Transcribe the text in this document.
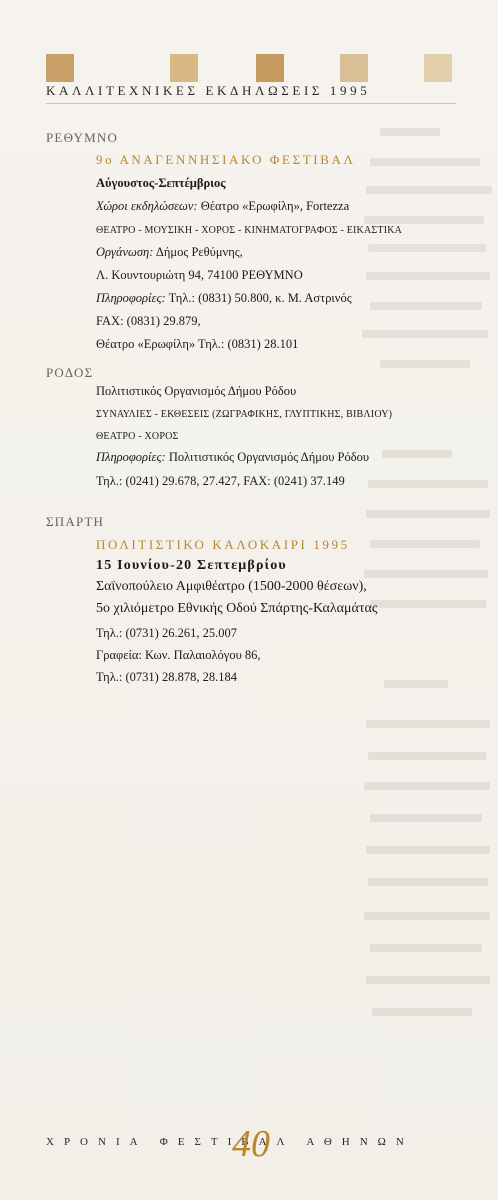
ΚΑΛΛΙΤΕΧΝΙΚΕΣ ΕΚΔΗΛΩΣΕΙΣ 1995
ΡΕΘΥΜΝΟ
9ο ΑΝΑΓΕΝΝΗΣΙΑΚΟ ΦΕΣΤΙΒΑΛ
Αύγουστος-Σεπτέμβριος
Χώροι εκδηλώσεων: Θέατρο «Ερωφίλη», Fortezza
ΘΕΑΤΡΟ - ΜΟΥΣΙΚΗ - ΧΟΡΟΣ - ΚΙΝΗΜΑΤΟΓΡΑΦΟΣ - ΕΙΚΑΣΤΙΚΑ
Οργάνωση: Δήμος Ρεθύμνης,
Λ. Κουντουριώτη 94, 74100 ΡΕΘΥΜΝΟ
Πληροφορίες: Τηλ.: (0831) 50.800, κ. Μ. Αστρινός
FAX: (0831) 29.879,
Θέατρο «Ερωφίλη» Τηλ.: (0831) 28.101
ΡΟΔΟΣ
Πολιτιστικός Οργανισμός Δήμου Ρόδου
ΣΥΝΑΥΛΙΕΣ - ΕΚΘΕΣΕΙΣ (ΖΩΓΡΑΦΙΚΗΣ, ΓΛΥΠΤΙΚΗΣ, ΒΙΒΛΙΟΥ)
ΘΕΑΤΡΟ - ΧΟΡΟΣ
Πληροφορίες: Πολιτιστικός Οργανισμός Δήμου Ρόδου
Τηλ.: (0241) 29.678, 27.427, FAX: (0241) 37.149
ΣΠΑΡΤΗ
ΠΟΛΙΤΙΣΤΙΚΟ ΚΑΛΟΚΑΙΡΙ 1995
15 Ιουνίου-20 Σεπτεμβρίου
Σαϊνοπούλειο Αμφιθέατρο (1500-2000 θέσεων),
5ο χιλιόμετρο Εθνικής Οδού Σπάρτης-Καλαμάτας
Τηλ.: (0731) 26.261, 25.007
Γραφεία: Κων. Παλαιολόγου 86,
Τηλ.: (0731) 28.878, 28.184
ΧΡΟΝΙΑ ΦΕΣΤΙΒΑΛ ΑΘΗΝΩΝ
40
